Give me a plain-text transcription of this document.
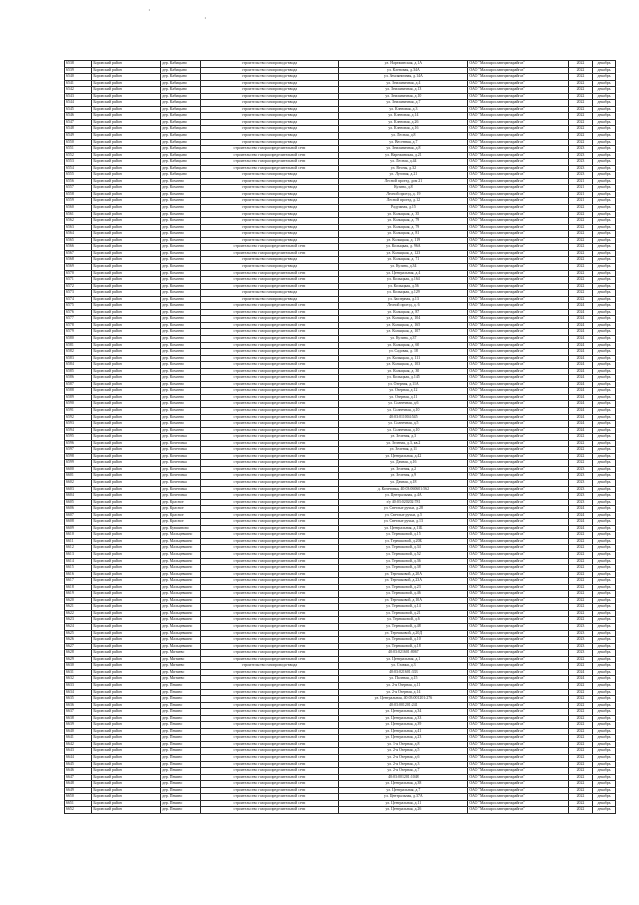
·
·
6538	Боровский район	дер. Кабицыно	строительство газопровода-ввода	ул. Нарежинская, д.1А	ОАО "Малоярославецмежрайгаз"	2022	декабрь
6539	Боровский район	дер. Кабицыно	строительство газопровода-ввода	ул. Кленовая, д.34А	ОАО "Малоярославецмежрайгаз"	2022	декабрь
6540	Боровский район	дер. Кабицыно	строительство газопровода-ввода	ул. Земляничная, д.14А	ОАО "Малоярославецмежрайгаз"	2022	декабрь
6541	Боровский район	дер. Кабицыно	строительство газопровода-ввода	ул. Земляничная, д.4	ОАО "Малоярославецмежрайгаз"	2022	декабрь
6542	Боровский район	дер. Кабицыно	строительство газопровода-ввода	ул. Земляничная, д.13	ОАО "Малоярославецмежрайгаз"	2022	декабрь
6543	Боровский район	дер. Кабицыно	строительство газопровода-ввода	ул. Земляничная, д.10	ОАО "Малоярославецмежрайгаз"	2022	декабрь
6544	Боровский район	дер. Кабицыно	строительство газопровода-ввода	ул. Земляничная, д.7	ОАО "Малоярославецмежрайгаз"	2022	декабрь
6545	Боровский район	дер. Кабицыно	строительство газопровода-ввода	ул. Кленовая, д.3	ОАО "Малоярославецмежрайгаз"	2022	декабрь
6546	Боровский район	дер. Кабицыно	строительство газопровода-ввода	ул. Кленовая, д.14	ОАО "Малоярославецмежрайгаз"	2022	декабрь
6547	Боровский район	дер. Кабицыно	строительство газопровода-ввода	ул. Кленовая, д.26	ОАО "Малоярославецмежрайгаз"	2022	декабрь
6548	Боровский район	дер. Кабицыно	строительство газопровода-ввода	ул. Кленовая, д.16	ОАО "Малоярославецмежрайгаз"	2022	декабрь
6549	Боровский район	дер. Кабицыно	строительство газопровода-ввода	ул. Лесная, д.8	ОАО "Малоярославецмежрайгаз"	2022	декабрь
6550	Боровский район	дер. Кабицыно	строительство газопровода-ввода	ул. Весенняя, д.7	ОАО "Малоярославецмежрайгаз"	2022	декабрь
6551	Боровский район	дер. Кабицыно	строительство газораспределительной сети	ул. Земляничная, д.8	ОАО "Малоярославецмежрайгаз"	2023	декабрь
6552	Боровский район	дер. Кабицыно	строительство газораспределительной сети	ул. Нарежинская, д.21	ОАО "Малоярославецмежрайгаз"	2023	декабрь
6553	Боровский район	дер. Кабицыно	строительство газораспределительной сети	ул. Лесная, д.44	ОАО "Малоярославецмежрайгаз"	2023	декабрь
6554	Боровский район	дер. Кабицыно	строительство газораспределительной сети	ул. Весны, д.32	ОАО "Малоярославецмежрайгаз"	2023	декабрь
6555	Боровский район	дер. Кабицыно	строительство газопровода-ввода	ул. Луговая, д.21	ОАО "Малоярославецмежрайгаз"	2023	декабрь
6556	Боровский район	дер. Комлево	строительство газопровода-ввода	Лесной проезд, дом 21	ОАО "Малоярославецмежрайгаз"	2021	декабрь
6557	Боровский район	дер. Комлево	строительство газопровода-ввода	Кузина, д.8	ОАО "Малоярославецмежрайгаз"	2021	декабрь
6558	Боровский район	дер. Комлево	строительство газопровода-ввода	Лесной проезд, д. 19	ОАО "Малоярославецмежрайгаз"	2021	декабрь
6559	Боровский район	дер. Комлево	строительство газопровода-ввода	Лесной проезд, д.12	ОАО "Малоярославецмежрайгаз"	2021	декабрь
6560	Боровский район	дер. Комлево	строительство газопровода-ввода	Радужная, д.15	ОАО "Малоярославецмежрайгаз"	2022	декабрь
6561	Боровский район	дер. Комлево	строительство газопровода-ввода	ул. Колыцкая, д. 35	ОАО "Малоярославецмежрайгаз"	2022	декабрь
6562	Боровский район	дер. Комлево	строительство газопровода-ввода	ул. Колыцкая, д. 79	ОАО "Малоярославецмежрайгаз"	2022	декабрь
6563	Боровский район	дер. Комлево	строительство газопровода-ввода	ул. Колыцкая, д. 79	ОАО "Малоярославецмежрайгаз"	2022	декабрь
6564	Боровский район	дер. Комлево	строительство газопровода-ввода	ул. Колыцкая, д. 81	ОАО "Малоярославецмежрайгаз"	2022	декабрь
6565	Боровский район	дер. Комлево	строительство газопровода-ввода	ул. Колыцкая, д. 119	ОАО "Малоярославецмежрайгаз"	2022	декабрь
6566	Боровский район	дер. Комлево	строительство газораспределительной сети	ул. Колыцкая, д. 96А	ОАО "Малоярославецмежрайгаз"	2022	декабрь
6567	Боровский район	дер. Комлево	строительство газораспределительной сети	ул. Колыцкая, д. 123	ОАО "Малоярославецмежрайгаз"	2022	декабрь
6568	Боровский район	дер. Комлево	строительство газопровода-ввода	ул. Колыцкая, д. 71	ОАО "Малоярославецмежрайгаз"	2022	декабрь
6569	Боровский район	дер. Комлево	строительство газопровода-ввода	ул. Кузина, д.34	ОАО "Малоярославецмежрайгаз"	2022	декабрь
6570	Боровский район	дер. Комлево	строительство газораспределительной сети	ул. Центральная, д.4	ОАО "Малоярославецмежрайгаз"	2022	декабрь
6571	Боровский район	дер. Комлево	строительство газораспределительной сети	ул. Колыцкая, д.164	ОАО "Малоярославецмежрайгаз"	2022	декабрь
6572	Боровский район	дер. Комлево	строительство газораспределительной сети	ул. Колыцкая, д.56	ОАО "Малоярославецмежрайгаз"	2022	декабрь
6573	Боровский район	дер. Комлево	строительство газопровода-ввода	ул. Колыцкая, д.129	ОАО "Малоярославецмежрайгаз"	2022	декабрь
6574	Боровский район	дер. Комлево	строительство газопровода-ввода	ул. Заозерная, д.13	ОАО "Малоярославецмежрайгаз"	2022	декабрь
6575	Боровский район	дер. Комлево	строительство газораспределительной сети	Лесной проезд, д. 6	ОАО "Малоярославецмежрайгаз"	2024	декабрь
6576	Боровский район	дер. Комлево	строительство газораспределительной сети	ул. Колыцкая, д. 87	ОАО "Малоярославецмежрайгаз"	2024	декабрь
6577	Боровский район	дер. Комлево	строительство газораспределительной сети	ул. Колыцкая, д. 104	ОАО "Малоярославецмежрайгаз"	2024	декабрь
6578	Боровский район	дер. Комлево	строительство газораспределительной сети	ул. Колыцкая, д. 165	ОАО "Малоярославецмежрайгаз"	2024	декабрь
6579	Боровский район	дер. Комлево	строительство газораспределительной сети	ул. Колыцкая, д. 107	ОАО "Малоярославецмежрайгаз"	2024	декабрь
6580	Боровский район	дер. Комлево	строительство газораспределительной сети	ул. Кузина, д.37	ОАО "Малоярославецмежрайгаз"	2024	декабрь
6581	Боровский район	дер. Комлево	строительство газораспределительной сети	ул. Колыцкая, д. 60	ОАО "Малоярославецмежрайгаз"	2024	декабрь
6582	Боровский район	дер. Комлево	строительство газораспределительной сети	ул. Садовая, д. 18	ОАО "Малоярославецмежрайгаз"	2024	декабрь
6583	Боровский район	дер. Комлево	строительство газораспределительной сети	ул. Колыцкая, д. 111	ОАО "Малоярославецмежрайгаз"	2024	декабрь
6584	Боровский район	дер. Комлево	строительство газораспределительной сети	ул. Колыцкая, д. 103	ОАО "Малоярославецмежрайгаз"	2024	декабрь
6585	Боровский район	дер. Комлево	строительство газораспределительной сети	ул. Колыцкая, д. 30	ОАО "Малоярославецмежрайгаз"	2024	декабрь
6586	Боровский район	дер. Комлево	строительство газораспределительной сети	ул. Колыцкая, д.145	ОАО "Малоярославецмежрайгаз"	2024	декабрь
6587	Боровский район	дер. Комлево	строительство газораспределительной сети	ул. Озерная, д.11А	ОАО "Малоярославецмежрайгаз"	2024	декабрь
6588	Боровский район	дер. Комлево	строительство газораспределительной сети	ул. Озерная, д.12	ОАО "Малоярославецмежрайгаз"	2024	декабрь
6589	Боровский район	дер. Комлево	строительство газораспределительной сети	ул. Озерная, д.11	ОАО "Малоярославецмежрайгаз"	2024	декабрь
6590	Боровский район	дер. Комлево	строительство газораспределительной сети	ул. Солнечная, д.6	ОАО "Малоярославецмежрайгаз"	2024	декабрь
6591	Боровский район	дер. Комлево	строительство газораспределительной сети	ул. Солнечная, д.10	ОАО "Малоярославецмежрайгаз"	2024	декабрь
6592	Боровский район	дер. Комлево	строительство газораспределительной сети	40:03:011004:545	ОАО "Малоярославецмежрайгаз"	2024	декабрь
6593	Боровский район	дер. Комлево	строительство газораспределительной сети	ул. Солнечная, д.5	ОАО "Малоярославецмежрайгаз"	2024	декабрь
6594	Боровский район	дер. Комлево	строительство газораспределительной сети	ул. Солнечная, д.10	ОАО "Малоярославецмежрайгаз"	2024	декабрь
6595	Боровский район	дер. Кочетовка	строительство газораспределительной сети	ул. Зеленая, д.3	ОАО "Малоярославецмежрайгаз"	2022	декабрь
6596	Боровский район	дер. Кочетовка	строительство газораспределительной сети	ул. Зеленая, д.3, кв.2	ОАО "Малоярославецмежрайгаз"	2022	декабрь
6597	Боровский район	дер. Кочетовка	строительство газораспределительной сети	ул. Зеленая, д.11	ОАО "Малоярославецмежрайгаз"	2022	декабрь
6598	Боровский район	дер. Кочетовка	строительство газораспределительной сети	ул. Центральная, д.42	ОАО "Малоярославецмежрайгаз"	2022	декабрь
6599	Боровский район	дер. Кочетовка	строительство газораспределительной сети	ул. Дачная, д.16	ОАО "Малоярославецмежрайгаз"	2022	декабрь
6600	Боровский район	дер. Кочетовка	строительство газораспределительной сети	ул. Зеленая, д.2	ОАО "Малоярославецмежрайгаз"	2023	декабрь
6601	Боровский район	дер. Кочетовка	строительство газораспределительной сети	ул. Зеленая, д.9	ОАО "Малоярославецмежрайгаз"	2023	декабрь
6602	Боровский район	дер. Кочетовка	строительство газораспределительной сети	ул. Дачная, д.18	ОАО "Малоярославецмежрайгаз"	2023	декабрь
6603	Боровский район	дер. Кочетовка	строительство газораспределительной сети	д. Кочетовка, 40:03:060601:562	ОАО "Малоярославецмежрайгаз"	2023	декабрь
6604	Боровский район	дер. Кочетовка	строительство газораспределительной сети	ул. Центральная, д.4А	ОАО "Малоярославецмежрайгаз"	2023	декабрь
6605	Боровский район	дер. Красное	строительство газораспределительной сети	з/у 40:03:020202:781	ОАО "Малоярославецмежрайгаз"	2023	декабрь
6606	Боровский район	дер. Красное	строительство газораспределительной сети	ул. Светлые ручьи, д.28	ОАО "Малоярославецмежрайгаз"	2024	декабрь
6607	Боровский район	дер. Красное	строительство газораспределительной сети	ул. Светлые ручьи, д.5	ОАО "Малоярославецмежрайгаз"	2024	декабрь
6608	Боровский район	дер. Красное	строительство газораспределительной сети	ул. Светлые ручьи, д.13	ОАО "Малоярославецмежрайгаз"	2024	декабрь
6609	Боровский район	дер. Кувшиново	строительство газораспределительной сети	ул. Центральная, д.11Б	ОАО "Малоярославецмежрайгаз"	2024	декабрь
6610	Боровский район	дер. Мальцевкино	строительство газораспределительной сети	ул. Терешковой, д.15	ОАО "Малоярославецмежрайгаз"	2022	декабрь
6611	Боровский район	дер. Мальцевкино	строительство газораспределительной сети	ул. Терешковой, д.20Б	ОАО "Малоярославецмежрайгаз"	2022	декабрь
6612	Боровский район	дер. Мальцевкино	строительство газораспределительной сети	ул. Терешковой, д.34	ОАО "Малоярославецмежрайгаз"	2022	декабрь
6613	Боровский район	дер. Мальцевкино	строительство газораспределительной сети	ул. Терешковой, д.52	ОАО "Малоярославецмежрайгаз"	2022	декабрь
6614	Боровский район	дер. Мальцевкино	строительство газораспределительной сети	ул. Терешковой, д.36	ОАО "Малоярославецмежрайгаз"	2022	декабрь
6615	Боровский район	дер. Мальцевкино	строительство газораспределительной сети	ул. Терешковой, д.38	ОАО "Малоярославецмежрайгаз"	2022	декабрь
6616	Боровский район	дер. Мальцевкино	строительство газораспределительной сети	ул. Терешковой, д.20А	ОАО "Малоярославецмежрайгаз"	2022	декабрь
6617	Боровский район	дер. Мальцевкино	строительство газораспределительной сети	ул. Терешковой, д.23А	ОАО "Малоярославецмежрайгаз"	2022	декабрь
6618	Боровский район	дер. Мальцевкино	строительство газораспределительной сети	ул. Терешковой, д.23	ОАО "Малоярославецмежрайгаз"	2022	декабрь
6619	Боровский район	дер. Мальцевкино	строительство газораспределительной сети	ул. Терешковой, д.46	ОАО "Малоярославецмежрайгаз"	2022	декабрь
6620	Боровский район	дер. Мальцевкино	строительство газораспределительной сети	ул. Терешковой, д.10А	ОАО "Малоярославецмежрайгаз"	2022	декабрь
6621	Боровский район	дер. Мальцевкино	строительство газораспределительной сети	ул. Терешковой, д.14	ОАО "Малоярославецмежрайгаз"	2022	декабрь
6622	Боровский район	дер. Мальцевкино	строительство газораспределительной сети	ул. Терешковой, д.21	ОАО "Малоярославецмежрайгаз"	2022	декабрь
6623	Боровский район	дер. Мальцевкино	строительство газораспределительной сети	ул. Терешковой, д.6	ОАО "Малоярославецмежрайгаз"	2022	декабрь
6624	Боровский район	дер. Мальцевкино	строительство газораспределительной сети	ул. Терешковой, д.48	ОАО "Малоярославецмежрайгаз"	2023	декабрь
6625	Боровский район	дер. Мальцевкино	строительство газораспределительной сети	ул. Терешковой, д.20Д	ОАО "Малоярославецмежрайгаз"	2023	декабрь
6626	Боровский район	дер. Мальцевкино	строительство газораспределительной сети	ул. Терешковой, д.10	ОАО "Малоярославецмежрайгаз"	2023	декабрь
6627	Боровский район	дер. Мальцевкино	строительство газораспределительной сети	ул. Терешковой, д.18	ОАО "Малоярославецмежрайгаз"	2023	декабрь
6628	Боровский район	дер. Митяево	строительство газораспределительной сети	40:03:021601:8067	ОАО "Малоярославецмежрайгаз"	2023	декабрь
6629	Боровский район	дер. Митяево	строительство газораспределительной сети	ул. Центральная, д.1	ОАО "Малоярославецмежрайгаз"	2022	декабрь
6630	Боровский район	дер. Митяево	строительство газопровода-ввода	ул. Ставки, д.3	ОАО "Малоярославецмежрайгаз"	2022	декабрь
6631	Боровский район	дер. Митяево	строительство газораспределительной сети	40:03:021601:333	ОАО "Малоярославецмежрайгаз"	2024	декабрь
6632	Боровский район	дер. Митяево	строительство газораспределительной сети	ул. Полевая, д.15	ОАО "Малоярославецмежрайгаз"	2024	декабрь
6633	Боровский район	дер. Пекино	строительство газораспределительной сети	ул. 2-я Озерная, д.11	ОАО "Малоярославецмежрайгаз"	2022	декабрь
6634	Боровский район	дер. Пекино	строительство газораспределительной сети	ул. 2-я Озерная, д.14	ОАО "Малоярославецмежрайгаз"	2022	декабрь
6635	Боровский район	дер. Пекино	строительство газораспределительной сети	ул. Центральная, 40:03:001201:276	ОАО "Малоярославецмежрайгаз"	2022	декабрь
6636	Боровский район	дер. Пекино	строительство газораспределительной сети	40:03:001201:241	ОАО "Малоярославецмежрайгаз"	2022	декабрь
6637	Боровский район	дер. Пекино	строительство газораспределительной сети	ул. Центральная, д.34	ОАО "Малоярославецмежрайгаз"	2022	декабрь
6638	Боровский район	дер. Пекино	строительство газораспределительной сети	ул. Центральная, д.33	ОАО "Малоярославецмежрайгаз"	2022	декабрь
6639	Боровский район	дер. Пекино	строительство газораспределительной сети	ул. Центральная, д.39	ОАО "Малоярославецмежрайгаз"	2022	декабрь
6640	Боровский район	дер. Пекино	строительство газораспределительной сети	ул. Центральная, д.41	ОАО "Малоярославецмежрайгаз"	2022	декабрь
6641	Боровский район	дер. Пекино	строительство газораспределительной сети	ул. Центральная, д.23	ОАО "Малоярославецмежрайгаз"	2022	декабрь
6642	Боровский район	дер. Пекино	строительство газораспределительной сети	ул. 1-я Озерная, д.8	ОАО "Малоярославецмежрайгаз"	2022	декабрь
6643	Боровский район	дер. Пекино	строительство газораспределительной сети	ул. 2-я Озерная, д.5	ОАО "Малоярославецмежрайгаз"	2022	декабрь
6644	Боровский район	дер. Пекино	строительство газораспределительной сети	ул. 2-я Озерная, д.6	ОАО "Малоярославецмежрайгаз"	2022	декабрь
6645	Боровский район	дер. Пекино	строительство газораспределительной сети	ул. 2-я Озерная, д.3	ОАО "Малоярославецмежрайгаз"	2022	декабрь
6646	Боровский район	дер. Пекино	строительство газораспределительной сети	ул. 2-я Озерная, д.7	ОАО "Малоярославецмежрайгаз"	2022	декабрь
6647	Боровский район	дер. Пекино	строительство газораспределительной сети	40:03:001201:1048	ОАО "Малоярославецмежрайгаз"	2022	декабрь
6648	Боровский район	дер. Пекино	строительство газораспределительной сети	ул. Центральная, д.38	ОАО "Малоярославецмежрайгаз"	2022	декабрь
6649	Боровский район	дер. Пекино	строительство газораспределительной сети	ул. Центральная, д.7	ОАО "Малоярославецмежрайгаз"	2022	декабрь
6650	Боровский район	дер. Пекино	строительство газораспределительной сети	ул. Центральная, д.37А	ОАО "Малоярославецмежрайгаз"	2022	декабрь
6651	Боровский район	дер. Пекино	строительство газораспределительной сети	ул. Центральная, д.11	ОАО "Малоярославецмежрайгаз"	2022	декабрь
6652	Боровский район	дер. Пекино	строительство газораспределительной сети	ул. Центральная, д.26	ОАО "Малоярославецмежрайгаз"	2022	декабрь
